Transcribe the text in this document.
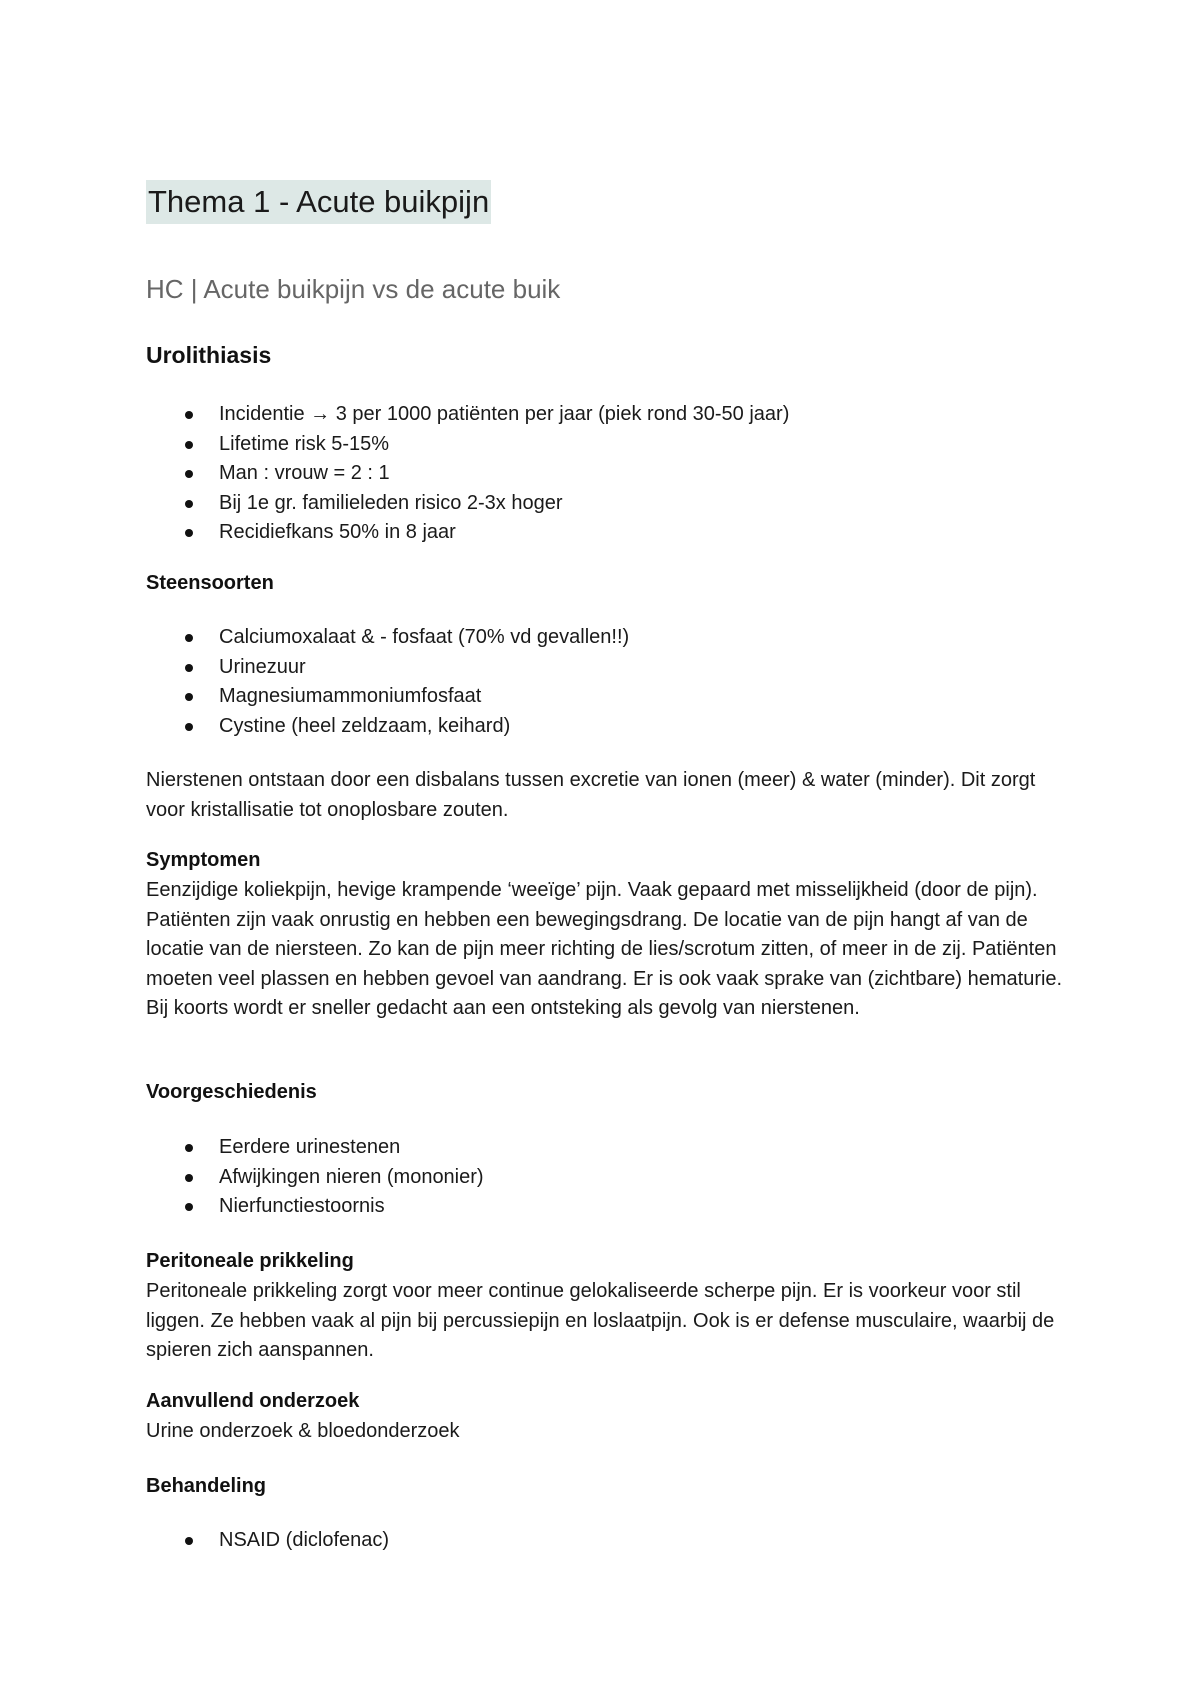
Thema 1 - Acute buikpijn
HC | Acute buikpijn vs de acute buik
Urolithiasis
Incidentie → 3 per 1000 patiënten per jaar (piek rond 30-50 jaar)
Lifetime risk 5-15%
Man : vrouw = 2 : 1
Bij 1e gr. familieleden risico 2-3x hoger
Recidiefkans 50% in 8 jaar
Steensoorten
Calciumoxalaat & - fosfaat (70% vd gevallen!!)
Urinezuur
Magnesiumammoniumfosfaat
Cystine (heel zeldzaam, keihard)

Nierstenen ontstaan door een disbalans tussen excretie van ionen (meer) & water (minder). Dit zorgt voor kristallisatie tot onoplosbare zouten.

Symptomen

Eenzijdige koliekpijn, hevige krampende ‘weeïge’ pijn. Vaak gepaard met misselijkheid (door de pijn). Patiënten zijn vaak onrustig en hebben een bewegingsdrang. De locatie van de pijn hangt af van de locatie van de niersteen. Zo kan de pijn meer richting de lies/scrotum zitten, of meer in de zij. Patiënten moeten veel plassen en hebben gevoel van aandrang. Er is ook vaak sprake van (zichtbare) hematurie. Bij koorts wordt er sneller gedacht aan een ontsteking als gevolg van nierstenen.

Voorgeschiedenis
Eerdere urinestenen
Afwijkingen nieren (mononier)
Nierfunctiestoornis
Peritoneale prikkeling

Peritoneale prikkeling zorgt voor meer continue gelokaliseerde scherpe pijn. Er is voorkeur voor stil liggen. Ze hebben vaak al pijn bij percussiepijn en loslaatpijn. Ook is er defense musculaire, waarbij de spieren zich aanspannen.

Aanvullend onderzoek

Urine onderzoek & bloedonderzoek

Behandeling
NSAID (diclofenac)
